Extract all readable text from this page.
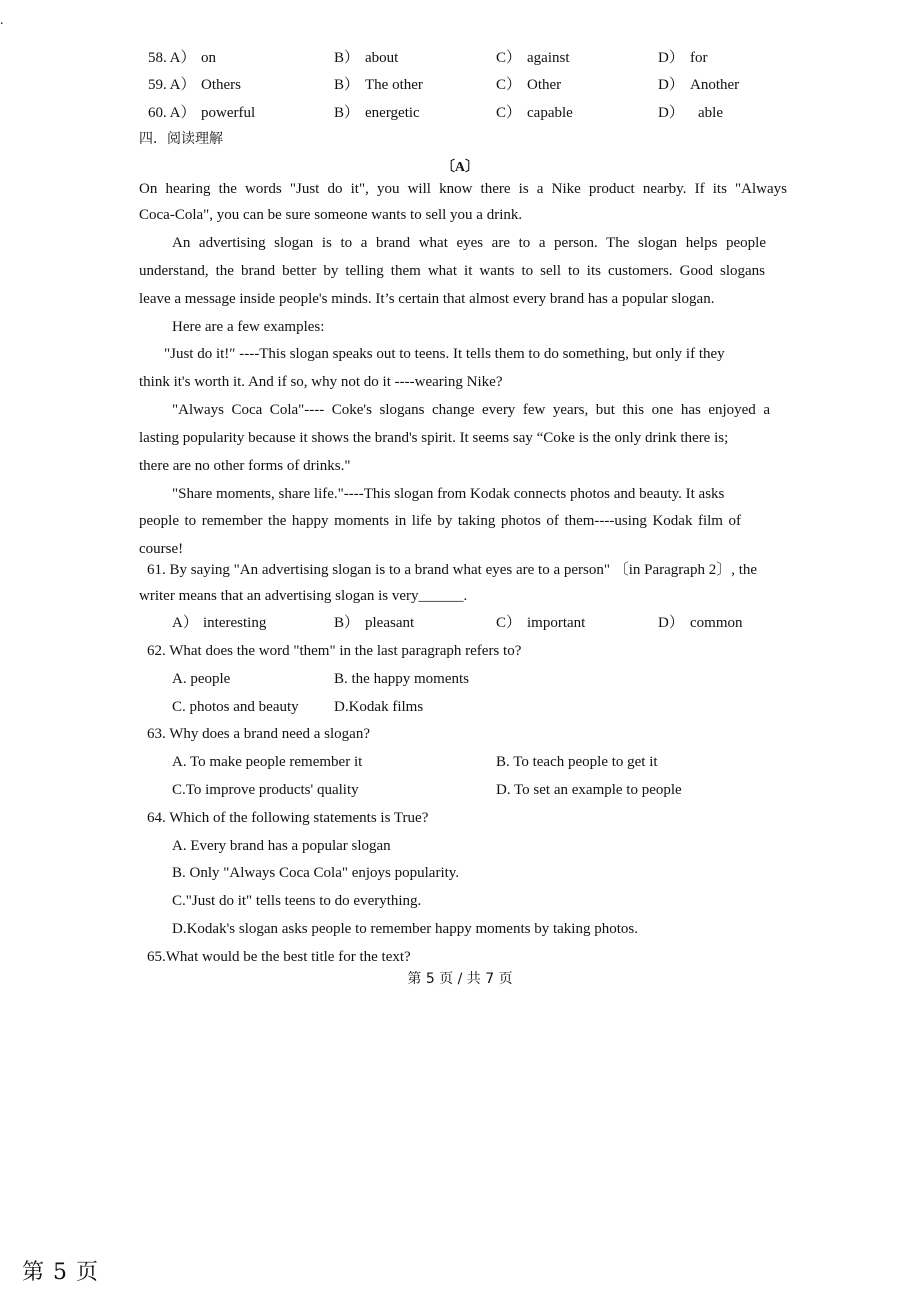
.
58. A） on	B） about	C） against	D） for
59. A） Others	B） The other	C） Other	D） Another
60. A） powerful	B） energetic	C） capable	D） able
四．阅读理解
〔A〕
On hearing the words "Just do it", you will know there is a Nike product nearby. If its "Always
Coca-Cola", you can be sure someone wants to sell you a drink.
An advertising slogan is to a brand what eyes are to a person. The slogan helps people
understand, the brand better by telling them what it wants to sell to its customers. Good slogans
leave a message inside people's minds. It’s certain that almost every brand has a popular slogan.
Here are a few examples:
"Just do it!″ ----This slogan speaks out to teens. It tells them to do something, but only if they
think it's worth it. And if so, why not do it ----wearing Nike?
"Always Coca Cola"---- Coke's slogans change every few years, but this one has enjoyed a
lasting popularity because it shows the brand's spirit. It seems say “Coke is the only drink there is;
there are no other forms of drinks."
"Share moments, share life."----This slogan from Kodak connects photos and beauty. It asks
people to remember the happy moments in life by taking photos of them----using Kodak film of
course!
61. By saying "An advertising slogan is to a brand what eyes are to a person" 〔in Paragraph 2〕, the
writer means that an advertising slogan is very______.
A） interesting	B） pleasant	C） important	D） common
62. What does the word "them" in the last paragraph refers to?
A. people	B. the happy moments
C. photos and beauty D.Kodak films
63. Why does a brand need a slogan?
A. To make people remember it	B. To teach people to get it
C.To improve products' quality	D. To set an example to people
64. Which of the following statements is True?
A. Every brand has a popular slogan
B. Only "Always Coca Cola" enjoys popularity.
C."Just do it" tells teens to do everything.
D.Kodak's slogan asks people to remember happy moments by taking photos.
65.What would be the best title for the text?
第 5 页 / 共 7 页
第 5 页
